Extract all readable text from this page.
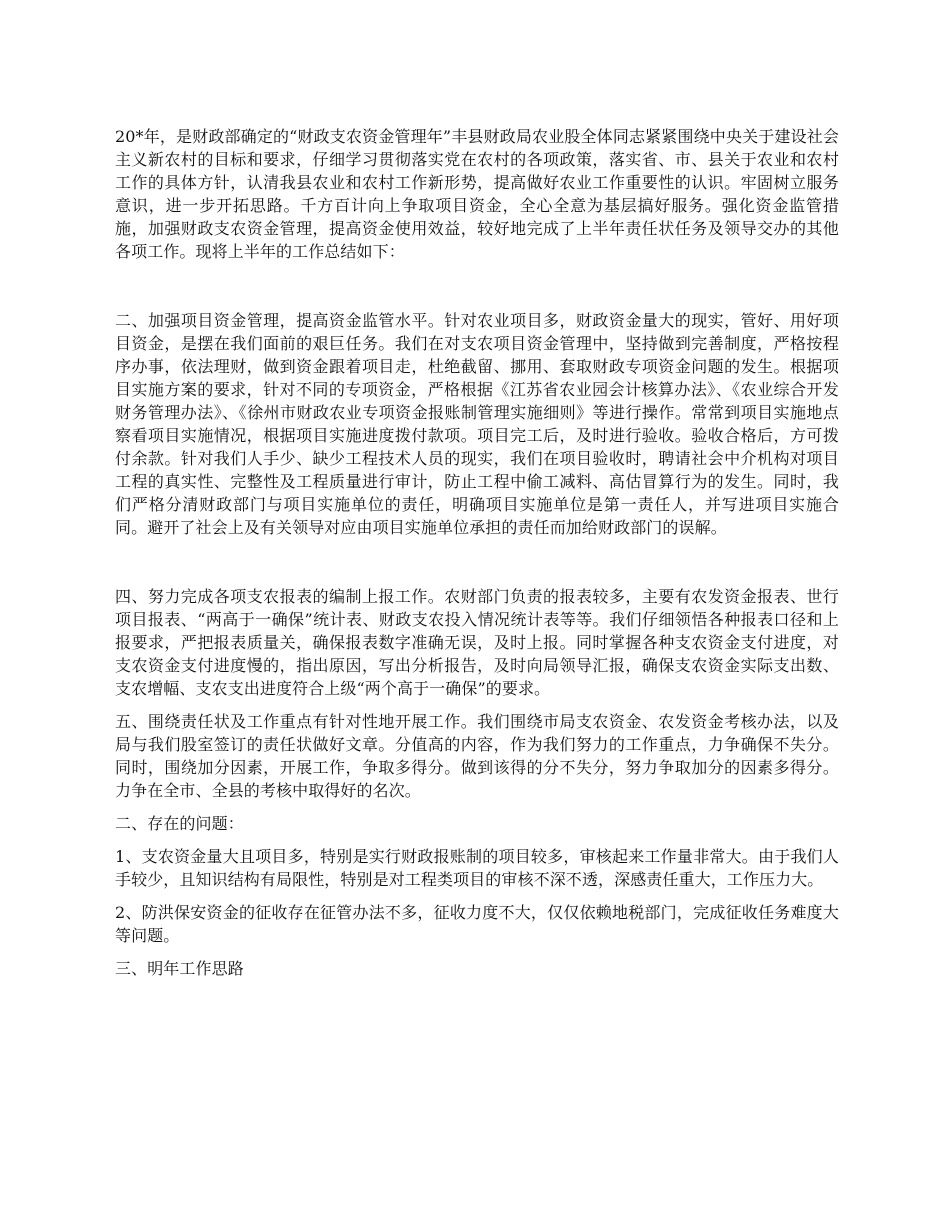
20*年，是财政部确定的“财政支农资金管理年”丰县财政局农业股全体同志紧紧围绕中央关于建设社会主义新农村的目标和要求，仔细学习贯彻落实党在农村的各项政策，落实省、市、县关于农业和农村工作的具体方针，认清我县农业和农村工作新形势，提高做好农业工作重要性的认识。牢固树立服务意识，进一步开拓思路。千方百计向上争取项目资金，全心全意为基层搞好服务。强化资金监管措施，加强财政支农资金管理，提高资金使用效益，较好地完成了上半年责任状任务及领导交办的其他各项工作。现将上半年的工作总结如下：

二、加强项目资金管理，提高资金监管水平。针对农业项目多，财政资金量大的现实，管好、用好项目资金，是摆在我们面前的艰巨任务。我们在对支农项目资金管理中，坚持做到完善制度，严格按程序办事，依法理财，做到资金跟着项目走，杜绝截留、挪用、套取财政专项资金问题的发生。根据项目实施方案的要求，针对不同的专项资金，严格根据《江苏省农业园会计核算办法》、《农业综合开发财务管理办法》、《徐州市财政农业专项资金报账制管理实施细则》等进行操作。常常到项目实施地点察看项目实施情况，根据项目实施进度拨付款项。项目完工后，及时进行验收。验收合格后，方可拨付余款。针对我们人手少、缺少工程技术人员的现实，我们在项目验收时，聘请社会中介机构对项目工程的真实性、完整性及工程质量进行审计，防止工程中偷工减料、高估冒算行为的发生。同时，我们严格分清财政部门与项目实施单位的责任，明确项目实施单位是第一责任人，并写进项目实施合同。避开了社会上及有关领导对应由项目实施单位承担的责任而加给财政部门的误解。

四、努力完成各项支农报表的编制上报工作。农财部门负责的报表较多，主要有农发资金报表、世行项目报表、“两高于一确保”统计表、财政支农投入情况统计表等等。我们仔细领悟各种报表口径和上报要求，严把报表质量关，确保报表数字准确无误，及时上报。同时掌握各种支农资金支付进度，对支农资金支付进度慢的，指出原因，写出分析报告，及时向局领导汇报，确保支农资金实际支出数、支农增幅、支农支出进度符合上级“两个高于一确保”的要求。

五、围绕责任状及工作重点有针对性地开展工作。我们围绕市局支农资金、农发资金考核办法，以及局与我们股室签订的责任状做好文章。分值高的内容，作为我们努力的工作重点，力争确保不失分。同时，围绕加分因素，开展工作，争取多得分。做到该得的分不失分，努力争取加分的因素多得分。力争在全市、全县的考核中取得好的名次。

二、存在的问题：

1、支农资金量大且项目多，特别是实行财政报账制的项目较多，审核起来工作量非常大。由于我们人手较少，且知识结构有局限性，特别是对工程类项目的审核不深不透，深感责任重大，工作压力大。

2、防洪保安资金的征收存在征管办法不多，征收力度不大，仅仅依赖地税部门，完成征收任务难度大等问题。

三、明年工作思路
